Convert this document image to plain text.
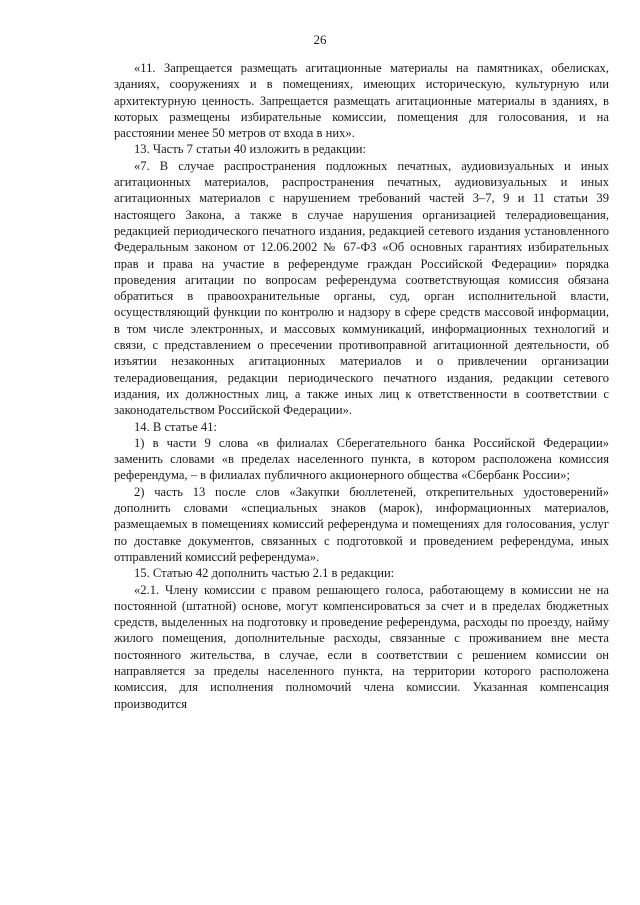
26

«11. Запрещается размещать агитационные материалы на памятниках, обелисках, зданиях, сооружениях и в помещениях, имеющих историческую, культурную или архитектурную ценность. Запрещается размещать агитационные материалы в зданиях, в которых размещены избирательные комиссии, помещения для голосования, и на расстоянии менее 50 метров от входа в них».

13. Часть 7 статьи 40 изложить в редакции:

«7. В случае распространения подложных печатных, аудиовизуальных и иных агитационных материалов, распространения печатных, аудиовизуальных и иных агитационных материалов с нарушением требований частей 3–7, 9 и 11 статьи 39 настоящего Закона, а также в случае нарушения организацией телерадиовещания, редакцией периодического печатного издания, редакцией сетевого издания установленного Федеральным законом от 12.06.2002 № 67-ФЗ «Об основных гарантиях избирательных прав и права на участие в референдуме граждан Российской Федерации» порядка проведения агитации по вопросам референдума соответствующая комиссия обязана обратиться в правоохранительные органы, суд, орган исполнительной власти, осуществляющий функции по контролю и надзору в сфере средств массовой информации, в том числе электронных, и массовых коммуникаций, информационных технологий и связи, с представлением о пресечении противоправной агитационной деятельности, об изъятии незаконных агитационных материалов и о привлечении организации телерадиовещания, редакции периодического печатного издания, редакции сетевого издания, их должностных лиц, а также иных лиц к ответственности в соответствии с законодательством Российской Федерации».

14. В статье 41:

1) в части 9 слова «в филиалах Сберегательного банка Российской Федерации» заменить словами «в пределах населенного пункта, в котором расположена комиссия референдума, – в филиалах публичного акционерного общества «Сбербанк России»;

2) часть 13 после слов «Закупки бюллетеней, открепительных удостоверений» дополнить словами «специальных знаков (марок), информационных материалов, размещаемых в помещениях комиссий референдума и помещениях для голосования, услуг по доставке документов, связанных с подготовкой и проведением референдума, иных отправлений комиссий референдума».

15. Статью 42 дополнить частью 2.1 в редакции:

«2.1. Члену комиссии с правом решающего голоса, работающему в комиссии не на постоянной (штатной) основе, могут компенсироваться за счет и в пределах бюджетных средств, выделенных на подготовку и проведение референдума, расходы по проезду, найму жилого помещения, дополнительные расходы, связанные с проживанием вне места постоянного жительства, в случае, если в соответствии с решением комиссии он направляется за пределы населенного пункта, на территории которого расположена комиссия, для исполнения полномочий члена комиссии. Указанная компенсация производится
